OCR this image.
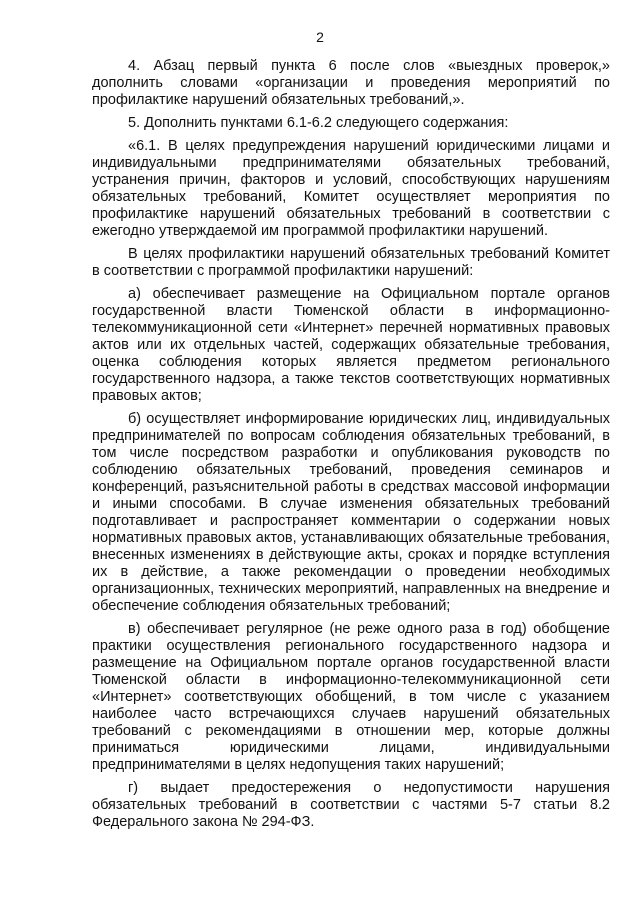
2

4. Абзац первый пункта 6 после слов «выездных проверок,» дополнить словами «организации и проведения мероприятий по профилактике нарушений обязательных требований,».

5. Дополнить пунктами 6.1-6.2 следующего содержания:

«6.1. В целях предупреждения нарушений юридическими лицами и индивидуальными предпринимателями обязательных требований, устранения причин, факторов и условий, способствующих нарушениям обязательных требований, Комитет осуществляет мероприятия по профилактике нарушений обязательных требований в соответствии с ежегодно утверждаемой им программой профилактики нарушений.

В целях профилактики нарушений обязательных требований Комитет в соответствии с программой профилактики нарушений:

а) обеспечивает размещение на Официальном портале органов государственной власти Тюменской области в информационно-телекоммуникационной сети «Интернет» перечней нормативных правовых актов или их отдельных частей, содержащих обязательные требования, оценка соблюдения которых является предметом регионального государственного надзора, а также текстов соответствующих нормативных правовых актов;

б) осуществляет информирование юридических лиц, индивидуальных предпринимателей по вопросам соблюдения обязательных требований, в том числе посредством разработки и опубликования руководств по соблюдению обязательных требований, проведения семинаров и конференций, разъяснительной работы в средствах массовой информации и иными способами. В случае изменения обязательных требований подготавливает и распространяет комментарии о содержании новых нормативных правовых актов, устанавливающих обязательные требования, внесенных изменениях в действующие акты, сроках и порядке вступления их в действие, а также рекомендации о проведении необходимых организационных, технических мероприятий, направленных на внедрение и обеспечение соблюдения обязательных требований;

в) обеспечивает регулярное (не реже одного раза в год) обобщение практики осуществления регионального государственного надзора и размещение на Официальном портале органов государственной власти Тюменской области в информационно-телекоммуникационной сети «Интернет» соответствующих обобщений, в том числе с указанием наиболее часто встречающихся случаев нарушений обязательных требований с рекомендациями в отношении мер, которые должны приниматься юридическими лицами, индивидуальными предпринимателями в целях недопущения таких нарушений;

г) выдает предостережения о недопустимости нарушения обязательных требований в соответствии с частями 5-7 статьи 8.2 Федерального закона № 294-ФЗ.
